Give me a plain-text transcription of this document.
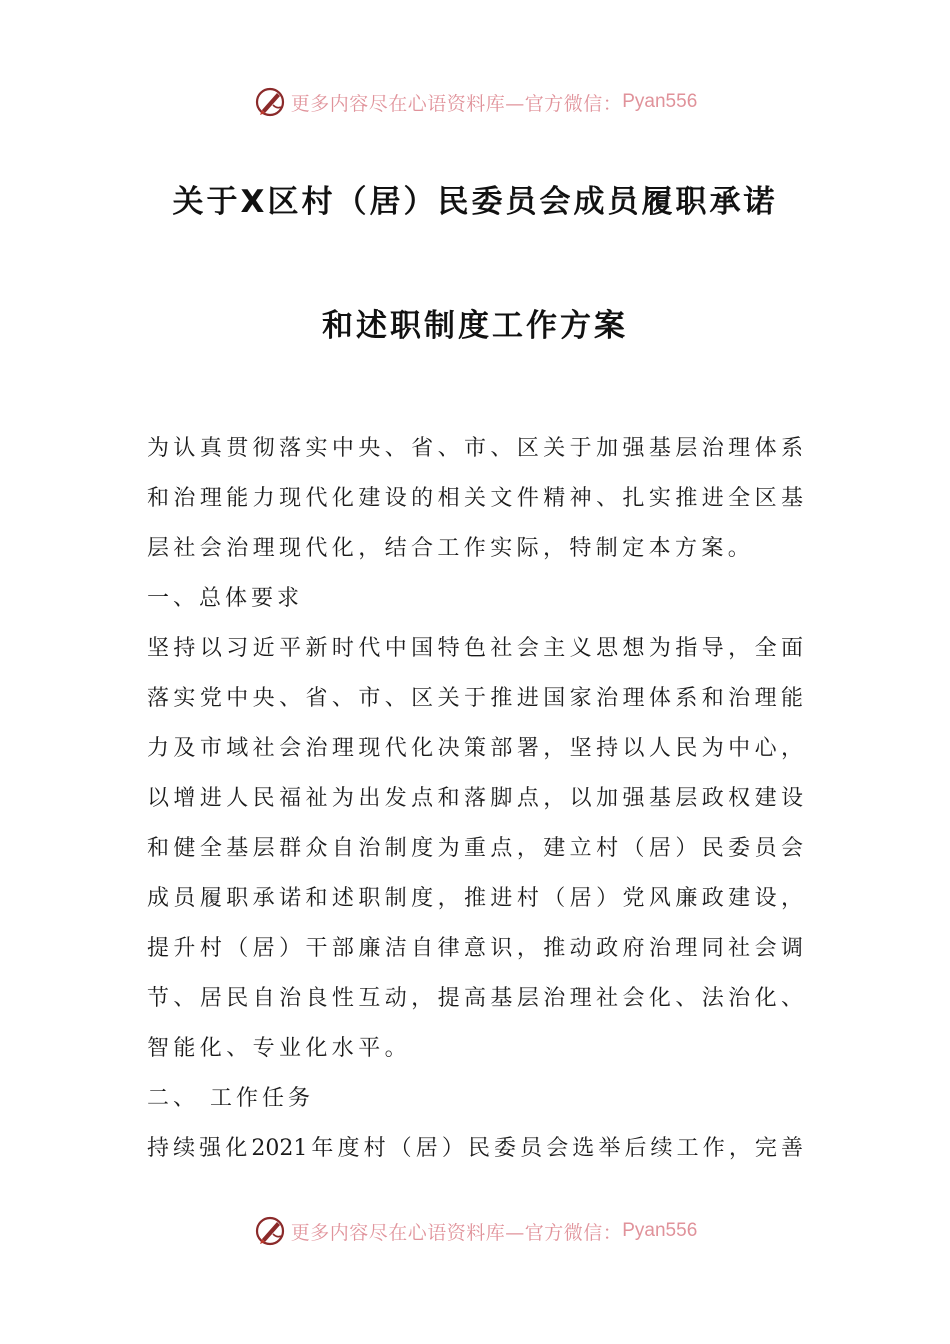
更多内容尽在心语资料库—官方微信： Pyan556
关于X区村（居）民委员会成员履职承诺
和述职制度工作方案
为认真贯彻落实中央、省、市、区关于加强基层治理体系
和治理能力现代化建设的相关文件精神、扎实推进全区基
层社会治理现代化，结合工作实际，特制定本方案。
一、总体要求
坚持以习近平新时代中国特色社会主义思想为指导，全面
落实党中央、省、市、区关于推进国家治理体系和治理能
力及市域社会治理现代化决策部署，坚持以人民为中心，
以增进人民福祉为出发点和落脚点，以加强基层政权建设
和健全基层群众自治制度为重点，建立村（居）民委员会
成员履职承诺和述职制度，推进村（居）党风廉政建设，
提升村（居）干部廉洁自律意识，推动政府治理同社会调
节、居民自治良性互动，提高基层治理社会化、法治化、
智能化、专业化水平。
二、 工作任务
持续强化2021年度村（居）民委员会选举后续工作，完善
更多内容尽在心语资料库—官方微信： Pyan556
